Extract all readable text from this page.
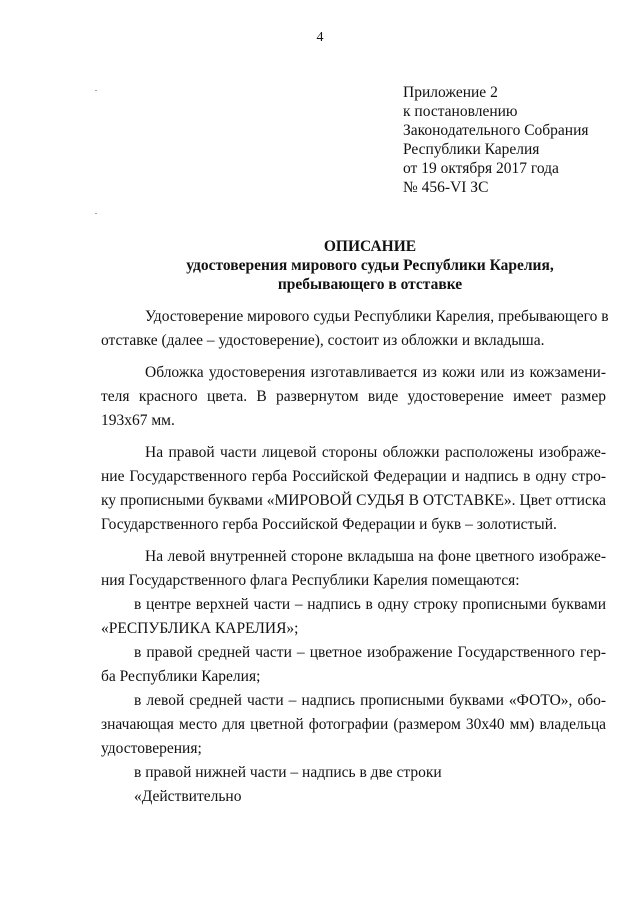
4
Приложение 2
к постановлению
Законодательного Собрания
Республики Карелия
от 19 октября 2017 года
№ 456-VI ЗС
ОПИСАНИЕ
удостоверения мирового судьи Республики Карелия,
пребывающего в отставке
Удостоверение мирового судьи Республики Карелия, пребывающего в
отставке (далее – удостоверение), состоит из обложки и вкладыша.
Обложка удостоверения изготавливается из кожи или из кожзамени-
теля красного цвета. В развернутом виде удостоверение имеет размер
193х67 мм.
На правой части лицевой стороны обложки расположены изображе-
ние Государственного герба Российской Федерации и надпись в одну стро-
ку прописными буквами «МИРОВОЙ СУДЬЯ В ОТСТАВКЕ». Цвет оттиска
Государственного герба Российской Федерации и букв – золотистый.
На левой внутренней стороне вкладыша на фоне цветного изображе-
ния Государственного флага Республики Карелия помещаются:
в центре верхней части – надпись в одну строку прописными буквами
«РЕСПУБЛИКА КАРЕЛИЯ»;
в правой средней части – цветное изображение Государственного гер-
ба Республики Карелия;
в левой средней части – надпись прописными буквами «ФОТО», обо-
значающая место для цветной фотографии (размером 30х40 мм) владельца
удостоверения;
в правой нижней части – надпись в две строки
«Действительно
